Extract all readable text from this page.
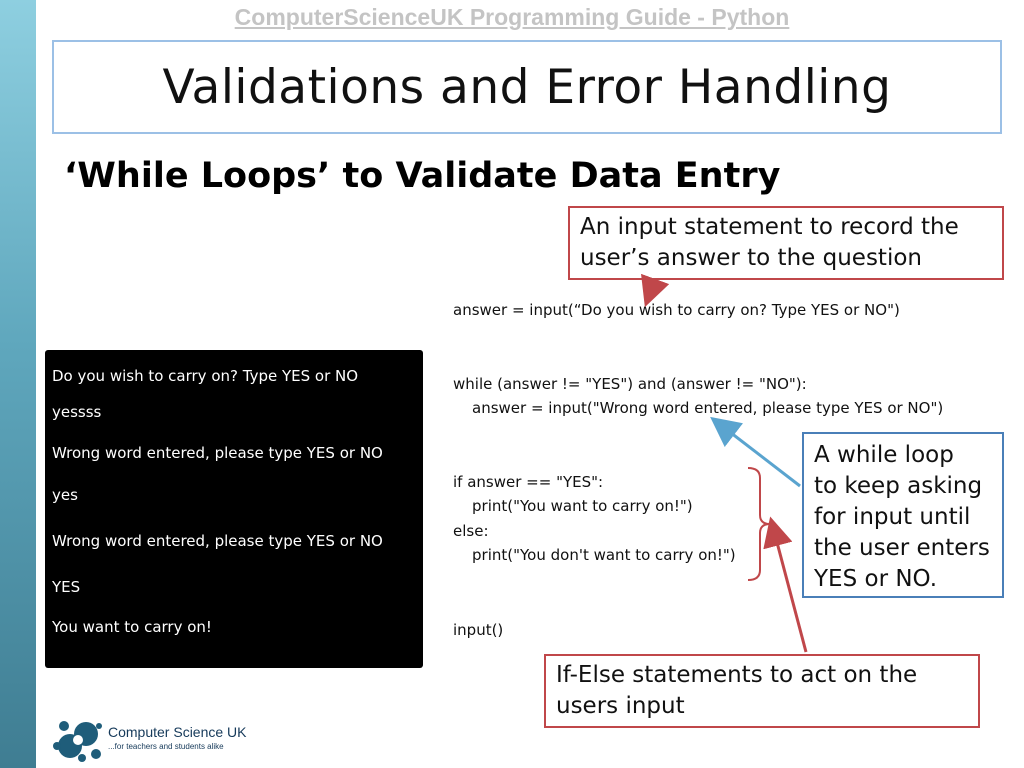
ComputerScienceUK Programming Guide - Python
Validations and Error Handling
‘While Loops’ to Validate Data Entry
An input statement to record the
user’s answer to the question
answer = input(“Do you wish to carry on? Type YES or NO")
Do you wish to carry on? Type YES or NO
yessss
Wrong word entered, please type YES or NO
yes
Wrong word entered, please type YES or NO
YES
You want to carry on!
while (answer != "YES") and (answer != "NO"):
answer = input("Wrong word entered, please type YES or NO")
if answer == "YES":
print("You want to carry on!")
else:
print("You don't want to carry on!")
input()
A while loop
to keep asking
for input until
the user enters
YES or NO.
If-Else statements to act on the
users input
Computer Science UK
...for teachers and students alike
